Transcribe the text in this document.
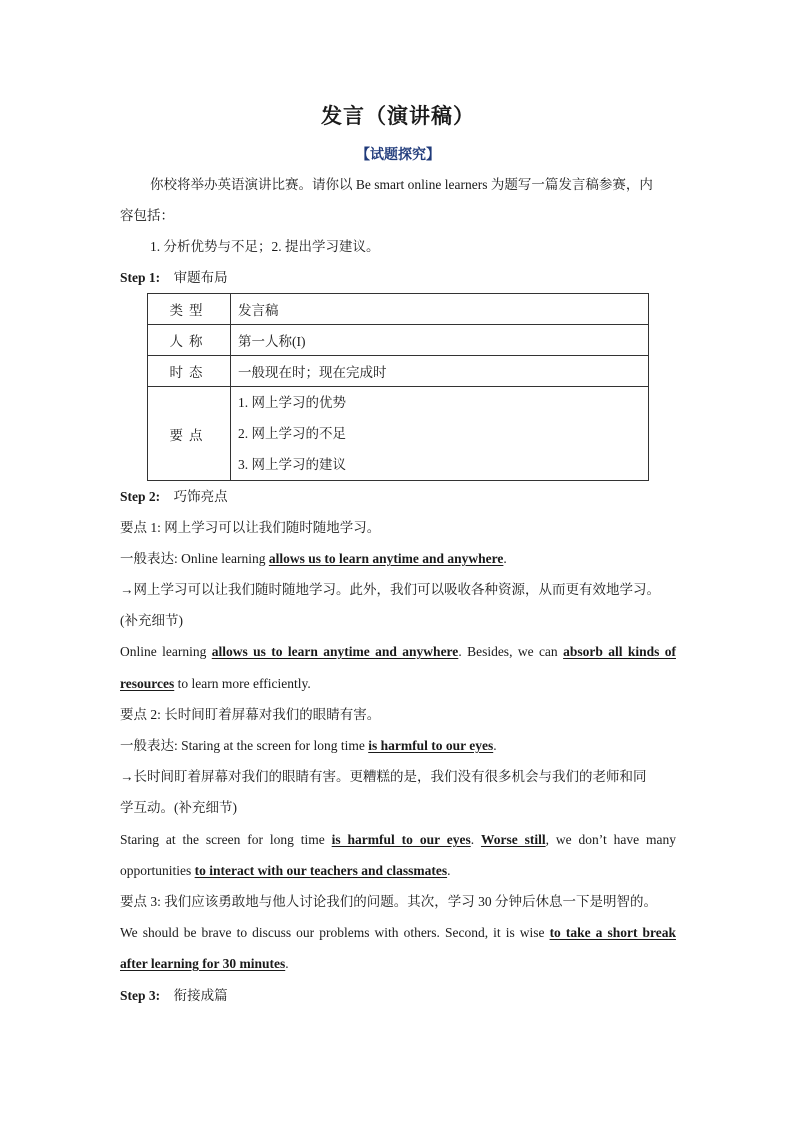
发言（演讲稿）
【试题探究】
你校将举办英语演讲比赛。请你以 Be smart online learners 为题写一篇发言稿参赛，内
容包括：
1. 分析优势与不足；2. 提出学习建议。
Step 1: 审题布局
类型	发言稿
人称	第一人称(I)
时态	一般现在时；现在完成时
要点	1. 网上学习的优势
2. 网上学习的不足
3. 网上学习的建议
Step 2: 巧饰亮点
要点 1: 网上学习可以让我们随时随地学习。
一般表达: Online learning allows us to learn anytime and anywhere.
→网上学习可以让我们随时随地学习。此外，我们可以吸收各种资源，从而更有效地学习。
(补充细节)
Online learning allows us to learn anytime and anywhere. Besides, we can absorb all kinds of
resources to learn more efficiently.
要点 2: 长时间盯着屏幕对我们的眼睛有害。
一般表达: Staring at the screen for long time is harmful to our eyes.
→长时间盯着屏幕对我们的眼睛有害。更糟糕的是，我们没有很多机会与我们的老师和同
学互动。(补充细节)
Staring at the screen for long time is harmful to our eyes. Worse still, we don’t have many
opportunities to interact with our teachers and classmates.
要点 3: 我们应该勇敢地与他人讨论我们的问题。其次，学习 30 分钟后休息一下是明智的。
We should be brave to discuss our problems with others. Second, it is wise to take a short break
after learning for 30 minutes.
Step 3: 衔接成篇
